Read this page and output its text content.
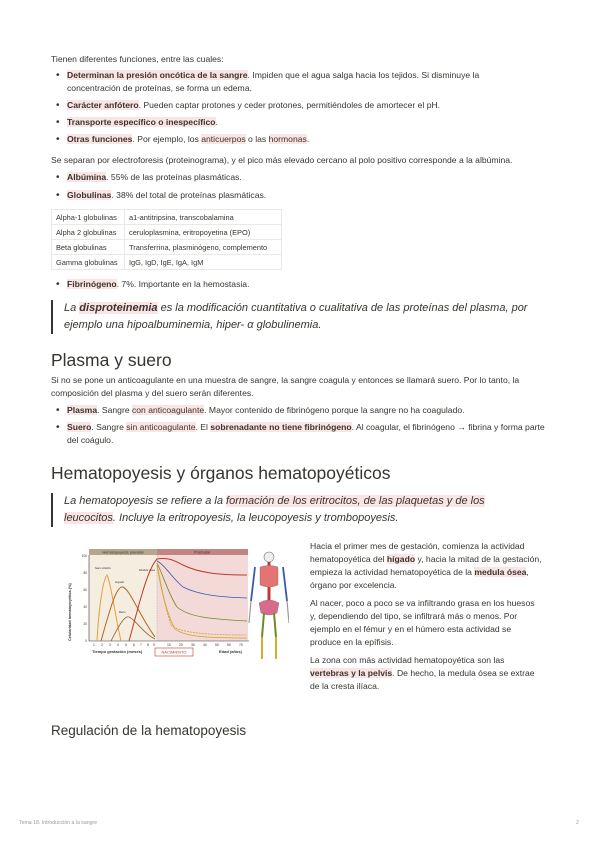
Tienen diferentes funciones, entre las cuales:

• Determinan la presión oncótica de la sangre. Impiden que el agua salga hacia los tejidos. Si disminuye la concentración de proteínas, se forma un edema.
• Carácter anfótero. Pueden captar protones y ceder protones, permitiéndoles de amortecer el pH.
• Transporte específico o inespecífico.
• Otras funciones. Por ejemplo, los anticuerpos o las hormonas.

Se separan por electroforesis (proteinograma), y el pico más elevado cercano al polo positivo corresponde a la albúmina.

• Albúmina. 55% de las proteínas plasmáticas.
• Globulinas. 38% del total de proteínas plasmáticas.
Alpha-1 globulinas	a1-antitripsina, transcobalamina
Alpha 2 globulinas	ceruloplasmina, eritropoyetina (EPO)
Beta globulinas	Transferrina, plasminógeno, complemento
Gamma globulinas	IgG, IgD, IgE, IgA, IgM
• Fibrinógeno. 7%. Importante en la hemostasia.
La disproteinemia es la modificación cuantitativa o cualitativa de las proteínas del plasma, por ejemplo una hipoalbuminemia, hiper- α globulinemia.
Plasma y suero

Si no se pone un anticoagulante en una muestra de sangre, la sangre coagula y entonces se llamará suero. Por lo tanto, la composición del plasma y del suero serán diferentes.

• Plasma. Sangre con anticoagulante. Mayor contenido de fibrinógeno porque la sangre no ha coagulado.
• Suero. Sangre sin anticoagulante. El sobrenadante no tiene fibrinógeno. Al coagular, el fibrinógeno → fibrina y forma parte del coágulo.
Hematopoyesis y órganos hematopoyéticos
La hematopoyesis se refiere a la formación de los eritrocitos, de las plaquetas y de los leucocitos. Incluye la eritropoyesis, la leucopoyesis y trombopoyesis.
Hematopoyesis prenatal	Postnatal
1 2 3 4 5 6 7 8 9	10 20 30 40 50 60 70
0
20
40
60
80
100
Saco vitelino
Hígado
Bazo
Médula ósea
Celularidad hematopoyética (%)
Tiempo gestación (meses)	NACIMIENTO	Edad (años)

Hacia el primer mes de gestación, comienza la actividad hematopoyética del hígado y, hacia la mitad de la gestación, empieza la actividad hematopoyética de la medula ósea, órgano por excelencia.

Al nacer, poco a poco se va infiltrando grasa en los huesos y, dependiendo del tipo, se infiltrará más o menos. Por ejemplo en el fémur y en el húmero esta actividad se produce en la epífisis.

La zona con más actividad hematopoyética son las vertebras y la pelvis. De hecho, la medula ósea se extrae de la cresta ilíaca.

Regulación de la hematopoyesis
Tema 18. Introducción a la sangre	2
